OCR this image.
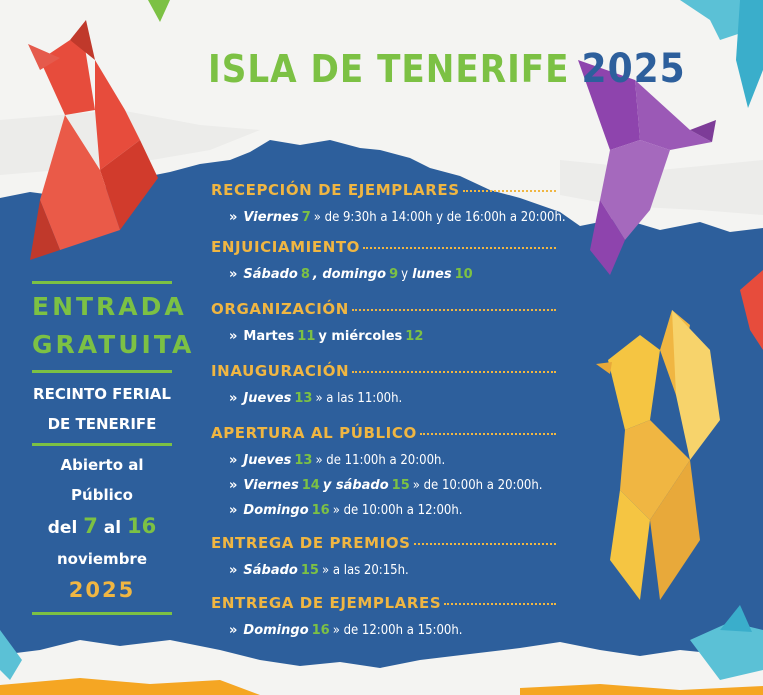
ISLA DE TENERIFE 2025
ENTRADA
GRATUITA
RECINTO FERIAL
DE TENERIFE
Abierto al Público
del 7 al 16
noviembre
2025
RECEPCIÓN DE EJEMPLARES
» Viernes 7 » de 9:30h a 14:00h y de 16:00h a 20:00h.
ENJUICIAMIENTO
» Sábado 8 , domingo 9 y lunes 10
ORGANIZACIÓN
» Martes 11 y miércoles 12
INAUGURACIÓN
» Jueves 13 » a las 11:00h.
APERTURA AL PÚBLICO
» Jueves 13 » de 11:00h a 20:00h.
» Viernes 14 y sábado 15 » de 10:00h a 20:00h.
» Domingo 16 » de 10:00h a 12:00h.
ENTREGA DE PREMIOS
» Sábado 15 » a las 20:15h.
ENTREGA DE EJEMPLARES
» Domingo 16 » de 12:00h a 15:00h.
